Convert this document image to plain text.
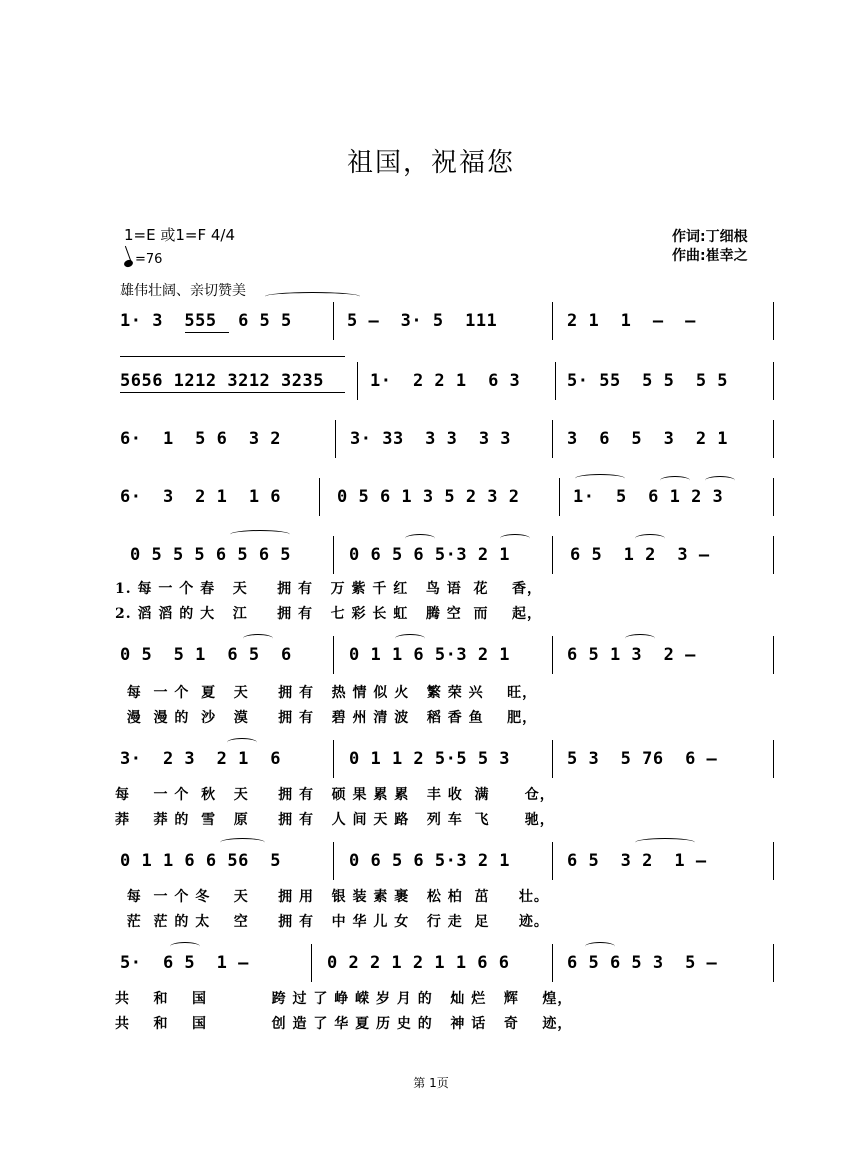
祖国，祝福您
1=E 或1=F 4/4
=76
雄伟壮阔、亲切赞美
作词: 丁细根
作曲: 崔幸之
1· 3  555  6 5 5	5 –  3· 5  111	2 1  1  –  –
5656 1212 3212 3235	1·  2 2 1  6 3	5· 55  5 5  5 5
6·  1  5 6  3 2	3· 33  3 3  3 3	3  6  5  3  2 1
6·  3  2 1  1 6	0 5 6 1 3 5 2 3 2	1·  5  6 1 2 3
0 5 5 5 6 5 6 5	0 6 5 6 5·3 2 1	6 5  1 2  3 –
1. 每 一 个 春   天     拥 有   万 紫 千 红   鸟 语  花    香，
2. 滔 滔 的 大   江     拥 有   七 彩 长 虹   腾 空  而    起，
0 5  5 1  6 5  6	0 1 1 6 5·3 2 1	6 5 1 3  2 –
每  一 个  夏   天     拥 有   热 情 似 火   繁 荣 兴    旺，
漫  漫 的  沙   漠     拥 有   碧 州 清 波   稻 香 鱼    肥，
3·  2 3  2 1  6	0 1 1 2 5·5 5 3	5 3  5 76  6 –
每    一 个  秋   天     拥 有   硕 果 累 累   丰 收  满      仓，
莽    莽 的  雪   原     拥 有   人 间 天 路   列 车  飞      驰，
0 1 1 6 6 56  5	0 6 5 6 5·3 2 1	6 5  3 2  1 –
每  一 个 冬    天     拥 用   银 装 素 裹   松 柏  茁     壮。
茫  茫 的 太    空     拥 有   中 华 儿 女   行 走  足     迹。
5·  6 5  1 –	0 2 2 1 2 1 1 6 6	6 5 6 5 3  5 –
共    和    国           跨 过 了 峥 嵘 岁 月 的   灿 烂   辉    煌，
共    和    国           创 造 了 华 夏 历 史 的   神 话   奇    迹，
第 1页
